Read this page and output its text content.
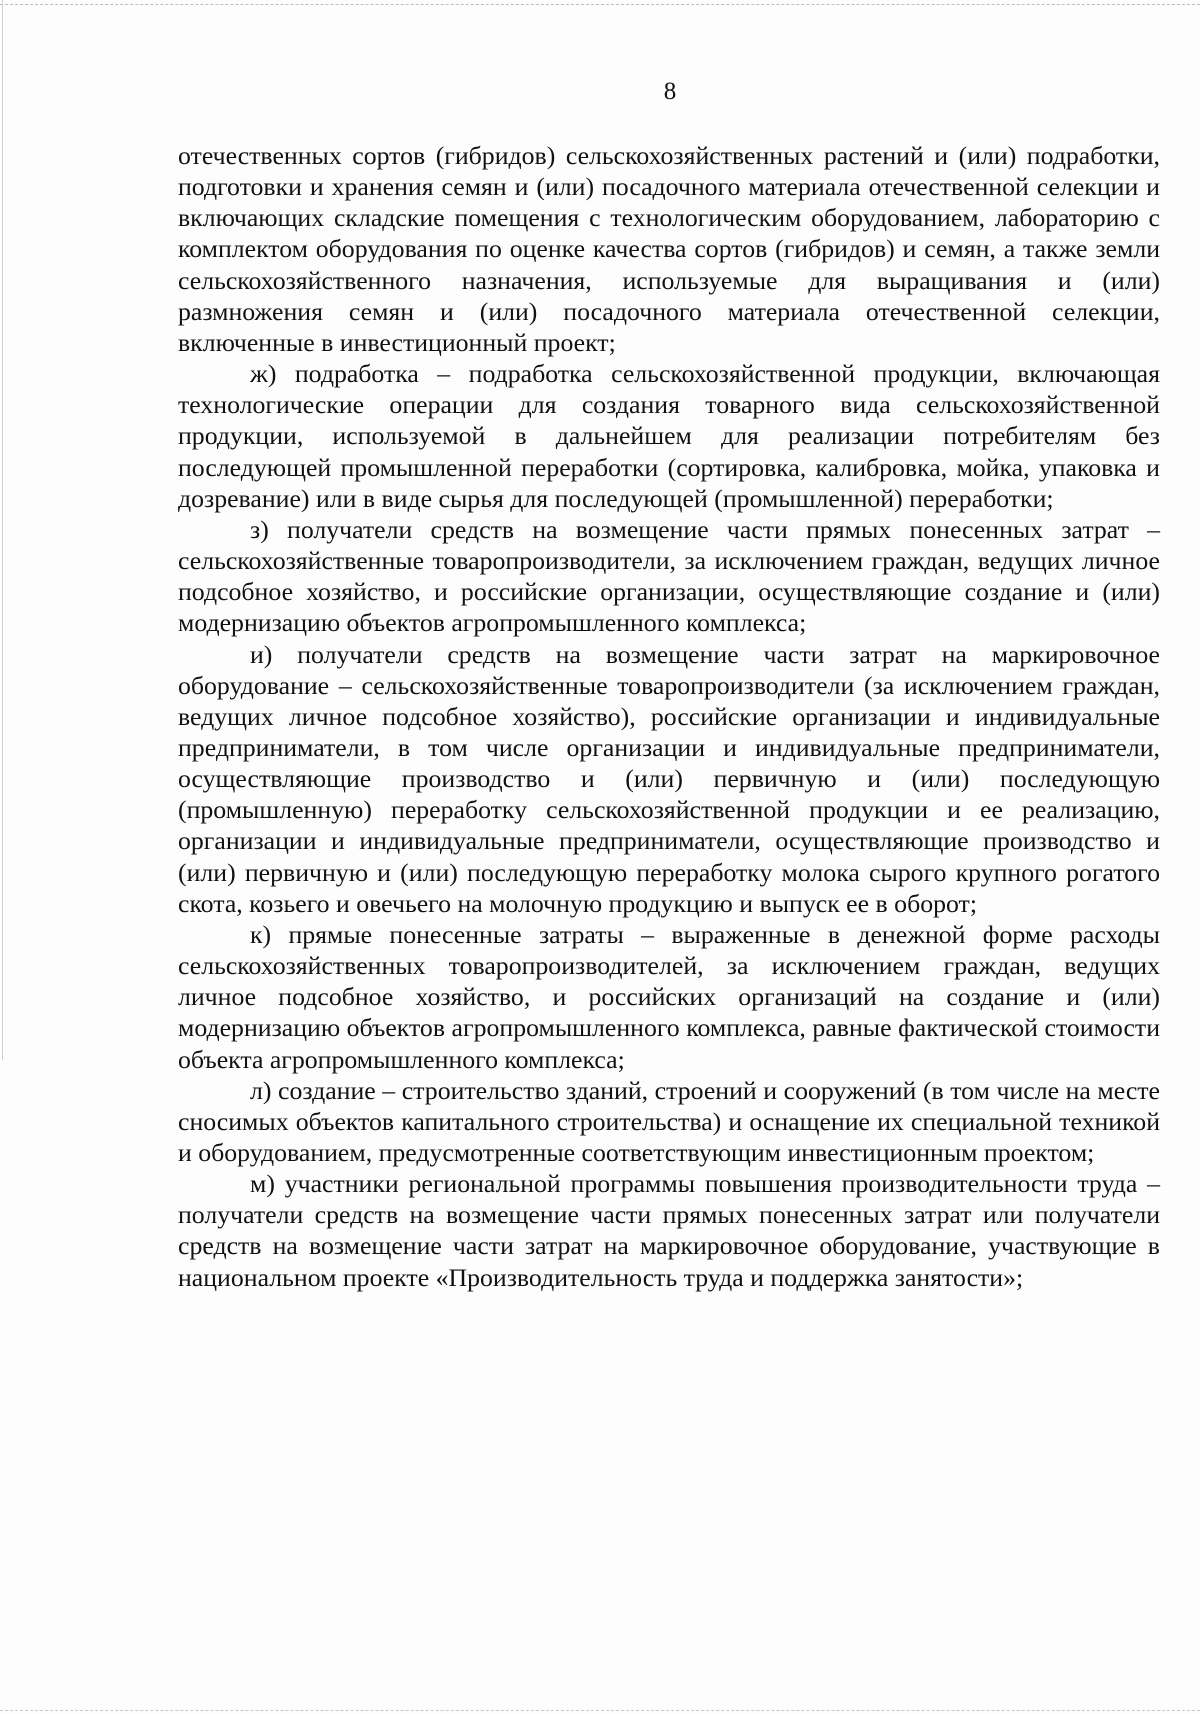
8

отечественных сортов (гибридов) сельскохозяйственных растений и (или) подработки, подготовки и хранения семян и (или) посадочного материала отечественной селекции и включающих складские помещения с технологическим оборудованием, лабораторию с комплектом оборудования по оценке качества сортов (гибридов) и семян, а также земли сельскохозяйственного назначения, используемые для выращивания и (или) размножения семян и (или) посадочного материала отечественной селекции, включенные в инвестиционный проект;

ж) подработка – подработка сельскохозяйственной продукции, включающая технологические операции для создания товарного вида сельскохозяйственной продукции, используемой в дальнейшем для реализации потребителям без последующей промышленной переработки (сортировка, калибровка, мойка, упаковка и дозревание) или в виде сырья для последующей (промышленной) переработки;

з) получатели средств на возмещение части прямых понесенных затрат – сельскохозяйственные товаропроизводители, за исключением граждан, ведущих личное подсобное хозяйство, и российские организации, осуществляющие создание и (или) модернизацию объектов агропромышленного комплекса;

и) получатели средств на возмещение части затрат на маркировочное оборудование – сельскохозяйственные товаропроизводители (за исключением граждан, ведущих личное подсобное хозяйство), российские организации и индивидуальные предприниматели, в том числе организации и индивидуальные предприниматели, осуществляющие производство и (или) первичную и (или) последующую (промышленную) переработку сельскохозяйственной продукции и ее реализацию, организации и индивидуальные предприниматели, осуществляющие производство и (или) первичную и (или) последующую переработку молока сырого крупного рогатого скота, козьего и овечьего на молочную продукцию и выпуск ее в оборот;

к) прямые понесенные затраты – выраженные в денежной форме расходы сельскохозяйственных товаропроизводителей, за исключением граждан, ведущих личное подсобное хозяйство, и российских организаций на создание и (или) модернизацию объектов агропромышленного комплекса, равные фактической стоимости объекта агропромышленного комплекса;

л) создание – строительство зданий, строений и сооружений (в том числе на месте сносимых объектов капитального строительства) и оснащение их специальной техникой и оборудованием, предусмотренные соответствующим инвестиционным проектом;

м) участники региональной программы повышения производительности труда – получатели средств на возмещение части прямых понесенных затрат или получатели средств на возмещение части затрат на маркировочное оборудование, участвующие в национальном проекте «Производительность труда и поддержка занятости»;
